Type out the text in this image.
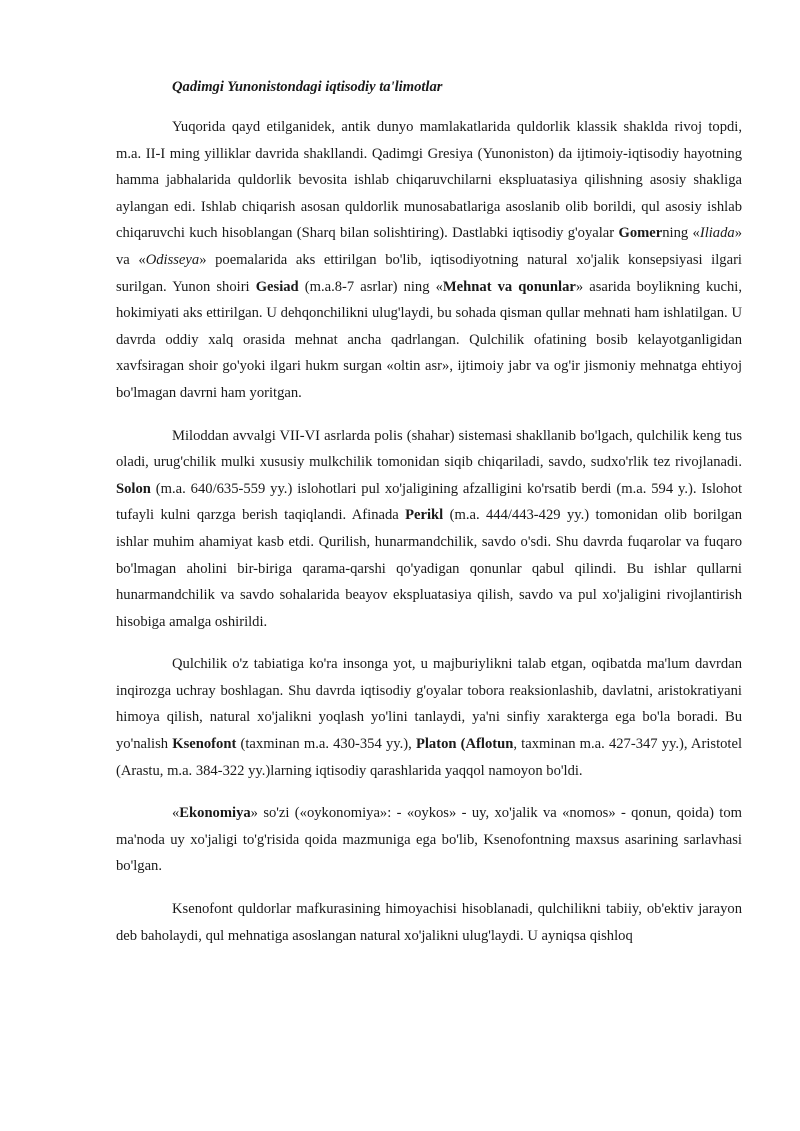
Qadimgi Yunonistondagi iqtisodiy ta'limotlar

Yuqorida qayd etilganidek, antik dunyo mamlakatlarida quldorlik klassik shaklda rivoj topdi, m.a. II-I ming yilliklar davrida shakllandi. Qadimgi Gresiya (Yunoniston) da ijtimoiy-iqtisodiy hayotning hamma jabhalarida quldorlik bevosita ishlab chiqaruvchilarni ekspluatasiya qilishning asosiy shakliga aylangan edi. Ishlab chiqarish asosan quldorlik munosabatlariga asoslanib olib borildi, qul asosiy ishlab chiqaruvchi kuch hisoblangan (Sharq bilan solishtiring). Dastlabki iqtisodiy g'oyalar Gomerning «Iliada» va «Odisseya» poemalarida aks ettirilgan bo'lib, iqtisodiyotning natural xo'jalik konsepsiyasi ilgari surilgan. Yunon shoiri Gesiad (m.a.8-7 asrlar) ning «Mehnat va qonunlar» asarida boylikning kuchi, hokimiyati aks ettirilgan. U dehqonchilikni ulug'laydi, bu sohada qisman qullar mehnati ham ishlatilgan. U davrda oddiy xalq orasida mehnat ancha qadrlangan. Qulchilik ofatining bosib kelayotganligidan xavfsiragan shoir go'yoki ilgari hukm surgan «oltin asr», ijtimoiy jabr va og'ir jismoniy mehnatga ehtiyoj bo'lmagan davrni ham yoritgan.

Miloddan avvalgi VII-VI asrlarda polis (shahar) sistemasi shakllanib bo'lgach, qulchilik keng tus oladi, urug'chilik mulki xususiy mulkchilik tomonidan siqib chiqariladi, savdo, sudxo'rlik tez rivojlanadi. Solon (m.a. 640/635-559 yy.) islohotlari pul xo'jaligining afzalligini ko'rsatib berdi (m.a. 594 y.). Islohot tufayli kulni qarzga berish taqiqlandi. Afinada Perikl (m.a. 444/443-429 yy.) tomonidan olib borilgan ishlar muhim ahamiyat kasb etdi. Qurilish, hunarmandchilik, savdo o'sdi. Shu davrda fuqarolar va fuqaro bo'lmagan aholini bir-biriga qarama-qarshi qo'yadigan qonunlar qabul qilindi. Bu ishlar qullarni hunarmandchilik va savdo sohalarida beayov ekspluatasiya qilish, savdo va pul xo'jaligini rivojlantirish hisobiga amalga oshirildi.

Qulchilik o'z tabiatiga ko'ra insonga yot, u majburiylikni talab etgan, oqibatda ma'lum davrdan inqirozga uchray boshlagan. Shu davrda iqtisodiy g'oyalar tobora reaksionlashib, davlatni, aristokratiyani himoya qilish, natural xo'jalikni yoqlash yo'lini tanlaydi, ya'ni sinfiy xarakterga ega bo'la boradi. Bu yo'nalish Ksenofont (taxminan m.a. 430-354 yy.), Platon (Aflotun, taxminan m.a. 427-347 yy.), Aristotel (Arastu, m.a. 384-322 yy.)larning iqtisodiy qarashlarida yaqqol namoyon bo'ldi.

«Ekonomiya» so'zi («oykonomiya»: - «oykos» - uy, xo'jalik va «nomos» - qonun, qoida) tom ma'noda uy xo'jaligi to'g'risida qoida mazmuniga ega bo'lib, Ksenofontning maxsus asarining sarlavhasi bo'lgan.

Ksenofont quldorlar mafkurasining himoyachisi hisoblanadi, qulchilikni tabiiy, ob'ektiv jarayon deb baholaydi, qul mehnatiga asoslangan natural xo'jalikni ulug'laydi. U ayniqsa qishloq
